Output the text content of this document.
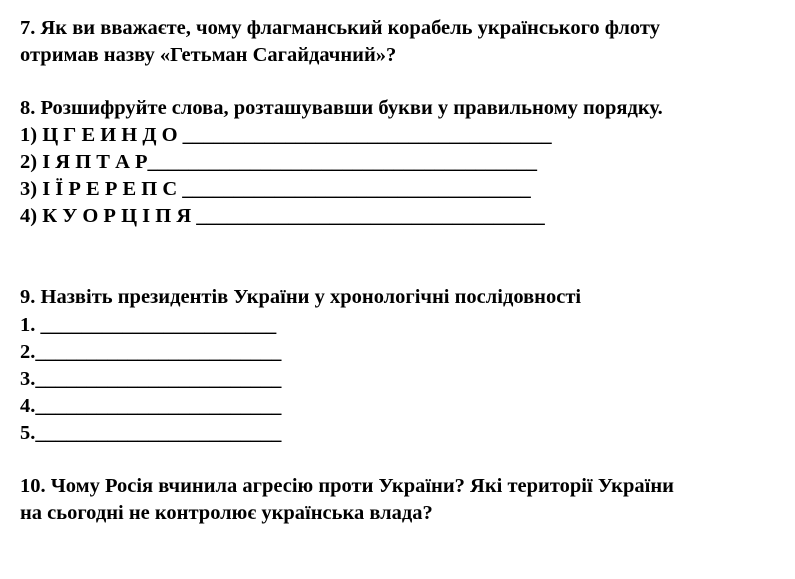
7. Як ви вважаєте, чому флагманський корабель українського флоту
отримав назву «Гетьман Сагайдачний»?
8. Розшифруйте слова, розташувавши букви у правильному порядку.
1) Ц Г Е И Н Д О ____________________________________
2) І Я П Т А Р______________________________________
3) І Ї Р Е Р Е П С __________________________________
4) К У О Р Ц І П Я __________________________________
9. Назвіть президентів України у хронологічні послідовності
1. _______________________
2.________________________
3.________________________
4.________________________
5.________________________
10. Чому Росія вчинила агресію проти України? Які території України
на сьогодні не контролює українська влада?
